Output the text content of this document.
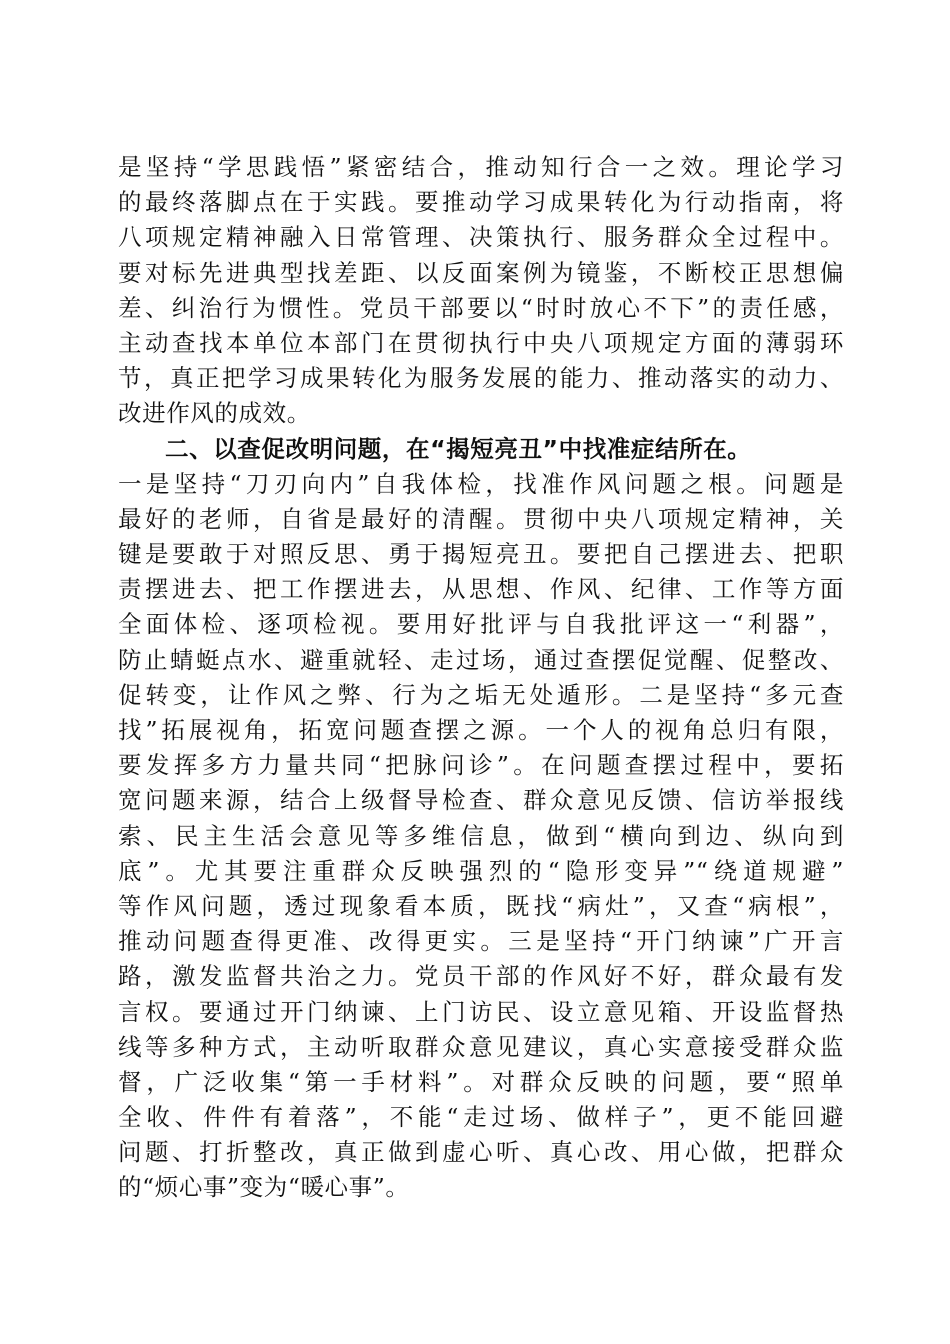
是坚持“学思践悟”紧密结合，推动知行合一之效。理论学习
的最终落脚点在于实践。要推动学习成果转化为行动指南，将
八项规定精神融入日常管理、决策执行、服务群众全过程中。
要对标先进典型找差距、以反面案例为镜鉴，不断校正思想偏
差、纠治行为惯性。党员干部要以“时时放心不下”的责任感，
主动查找本单位本部门在贯彻执行中央八项规定方面的薄弱环
节，真正把学习成果转化为服务发展的能力、推动落实的动力、
改进作风的成效。
二、以查促改明问题，在“揭短亮丑”中找准症结所在。
一是坚持“刀刃向内”自我体检，找准作风问题之根。问题是
最好的老师，自省是最好的清醒。贯彻中央八项规定精神，关
键是要敢于对照反思、勇于揭短亮丑。要把自己摆进去、把职
责摆进去、把工作摆进去，从思想、作风、纪律、工作等方面
全面体检、逐项检视。要用好批评与自我批评这一“利器”，
防止蜻蜓点水、避重就轻、走过场，通过查摆促觉醒、促整改、
促转变，让作风之弊、行为之垢无处遁形。二是坚持“多元查
找”拓展视角，拓宽问题查摆之源。一个人的视角总归有限，
要发挥多方力量共同“把脉问诊”。在问题查摆过程中，要拓
宽问题来源，结合上级督导检查、群众意见反馈、信访举报线
索、民主生活会意见等多维信息，做到“横向到边、纵向到
底”。尤其要注重群众反映强烈的“隐形变异”“绕道规避”
等作风问题，透过现象看本质，既找“病灶”，又查“病根”，
推动问题查得更准、改得更实。三是坚持“开门纳谏”广开言
路，激发监督共治之力。党员干部的作风好不好，群众最有发
言权。要通过开门纳谏、上门访民、设立意见箱、开设监督热
线等多种方式，主动听取群众意见建议，真心实意接受群众监
督，广泛收集“第一手材料”。对群众反映的问题，要“照单
全收、件件有着落”，不能“走过场、做样子”，更不能回避
问题、打折整改，真正做到虚心听、真心改、用心做，把群众
的“烦心事”变为“暖心事”。
